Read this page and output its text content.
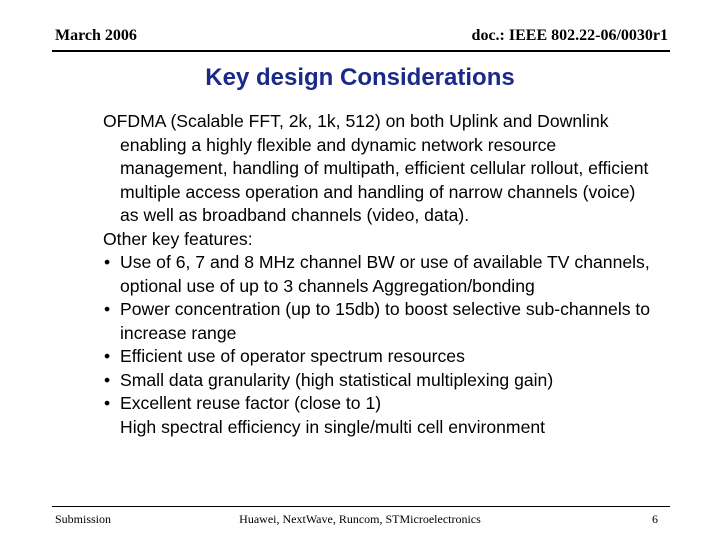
March 2006	doc.: IEEE 802.22-06/0030r1
Key design Considerations

OFDMA (Scalable FFT, 2k, 1k, 512) on both Uplink and Downlink enabling a highly flexible and dynamic network resource management, handling of multipath, efficient cellular rollout, efficient multiple access operation and handling of narrow channels (voice) as well as broadband channels (video, data).

Other key features:

• Use of 6, 7 and 8 MHz channel BW or use of available TV channels, optional use of up to 3 channels Aggregation/bonding
• Power concentration (up to 15db) to boost selective sub-channels to increase range
• Efficient use of operator spectrum resources
• Small data granularity (high statistical multiplexing gain)
• Excellent reuse factor (close to 1)
High spectral efficiency in single/multi cell environment
Submission	Huawei, NextWave, Runcom, STMicroelectronics	6
